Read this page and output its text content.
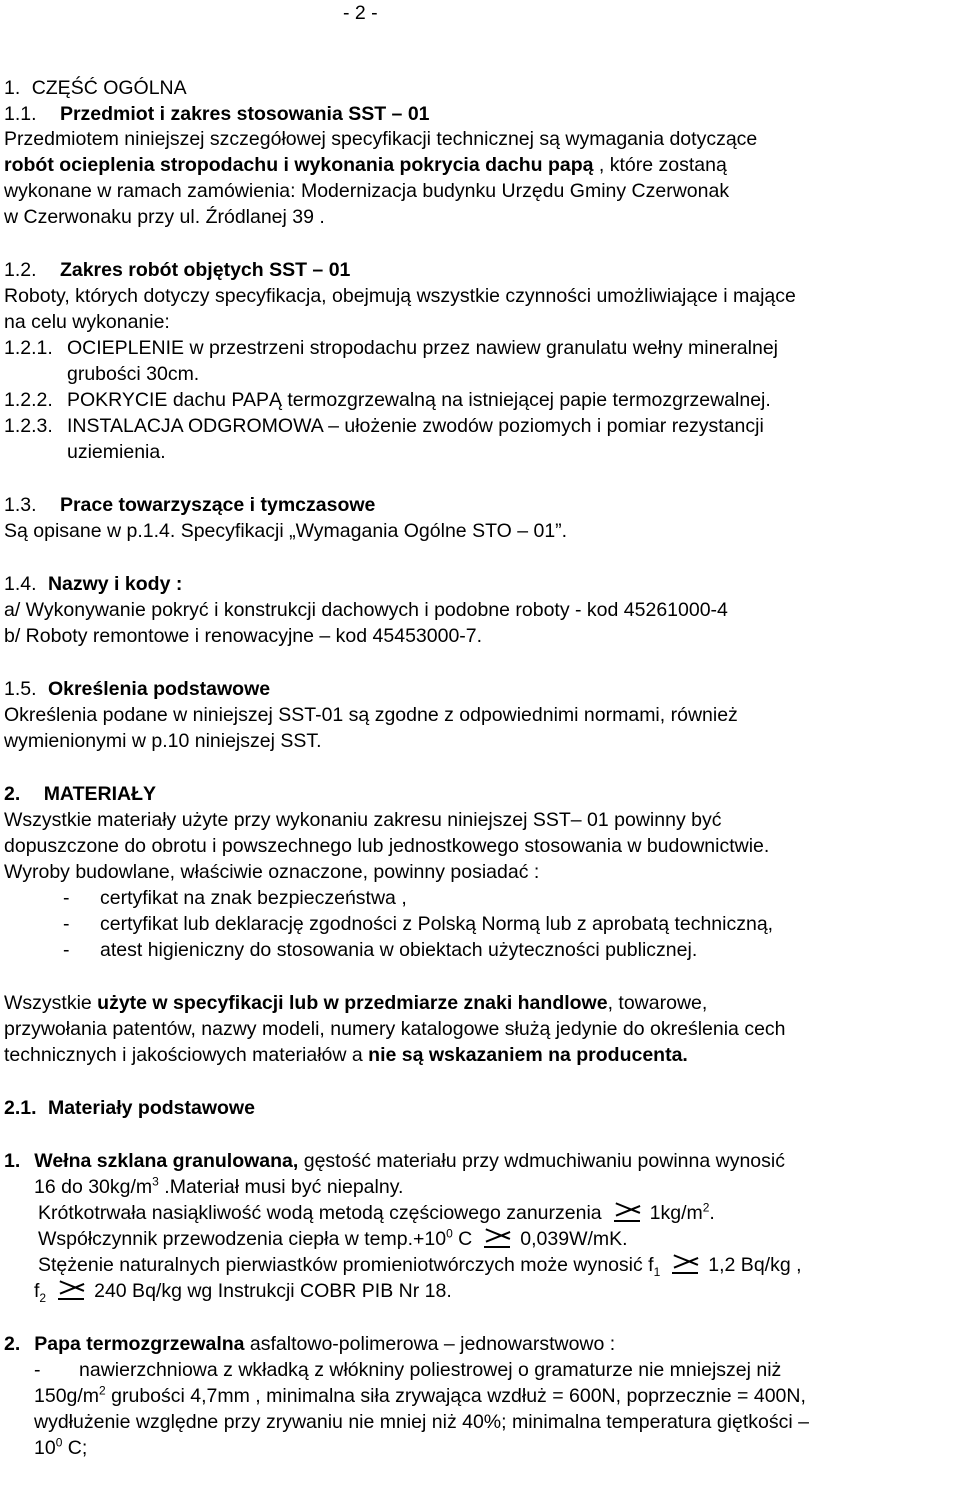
- 2 -
1. CZĘŚĆ OGÓLNA
1.1. Przedmiot i zakres stosowania SST – 01
Przedmiotem niniejszej szczegółowej specyfikacji technicznej są wymagania dotyczące
robót ocieplenia stropodachu i wykonania pokrycia dachu papą , które zostaną
wykonane w ramach zamówienia: Modernizacja budynku Urzędu Gminy Czerwonak
w Czerwonaku przy ul. Źródlanej 39 .
1.2. Zakres robót objętych SST – 01
Roboty, których dotyczy specyfikacja, obejmują wszystkie czynności umożliwiające i mające
na celu wykonanie:
1.2.1. OCIEPLENIE w przestrzeni stropodachu przez nawiew granulatu wełny mineralnej
grubości 30cm.
1.2.2. POKRYCIE dachu PAPĄ termozgrzewalną na istniejącej papie termozgrzewalnej.
1.2.3. INSTALACJA ODGROMOWA – ułożenie zwodów poziomych i pomiar rezystancji
uziemienia.
1.3. Prace towarzyszące i tymczasowe
Są opisane w p.1.4. Specyfikacji „Wymagania Ogólne STO – 01”.
1.4. Nazwy i kody :
a/ Wykonywanie pokryć i konstrukcji dachowych i podobne roboty - kod 45261000-4
b/ Roboty remontowe i renowacyjne – kod 45453000-7.
1.5. Określenia podstawowe
Określenia podane w niniejszej SST-01 są zgodne z odpowiednimi normami, również
wymienionymi w p.10 niniejszej SST.
2. MATERIAŁY
Wszystkie materiały użyte przy wykonaniu zakresu niniejszej SST– 01 powinny być
dopuszczone do obrotu i powszechnego lub jednostkowego stosowania w budownictwie.
Wyroby budowlane, właściwie oznaczone, powinny posiadać :
- certyfikat na znak bezpieczeństwa ,
- certyfikat lub deklarację zgodności z Polską Normą lub z aprobatą techniczną,
- atest higieniczny do stosowania w obiektach użyteczności publicznej.
Wszystkie użyte w specyfikacji lub w przedmiarze znaki handlowe, towarowe,
przywołania patentów, nazwy modeli, numery katalogowe służą jedynie do określenia cech
technicznych i jakościowych materiałów a nie są wskazaniem na producenta.
2.1. Materiały podstawowe
1. Wełna szklana granulowana, gęstość materiału przy wdmuchiwaniu powinna wynosić
16 do $30kg/m^3$ .Materiał musi być niepalny.
Krótkotrwała nasiąkliwość wodą metodą częściowego zanurzenia $1kg/m^2$.
Współczynnik przewodzenia ciepła w $temp.+10^0$ C 0,039W/mK.
Stężenie naturalnych pierwiastków promieniotwórczych może wynosić $f_1$ 1,2 Bq/kg ,
$f_2$ 240 Bq/kg wg Instrukcji COBR PIB Nr 18.
2. Papa termozgrzewalna asfaltowo-polimerowa – jednowarstwowo :
- nawierzchniowa z wkładką z włókniny poliestrowej o gramaturze nie mniejszej niż
$150g/m^2$ grubości 4,7mm , minimalna siła zrywająca wzdłuż = 600N, poprzecznie = 400N,
wydłużenie względne przy zrywaniu nie mniej niż 40%; minimalna temperatura giętkości –
$10^0$ C;
